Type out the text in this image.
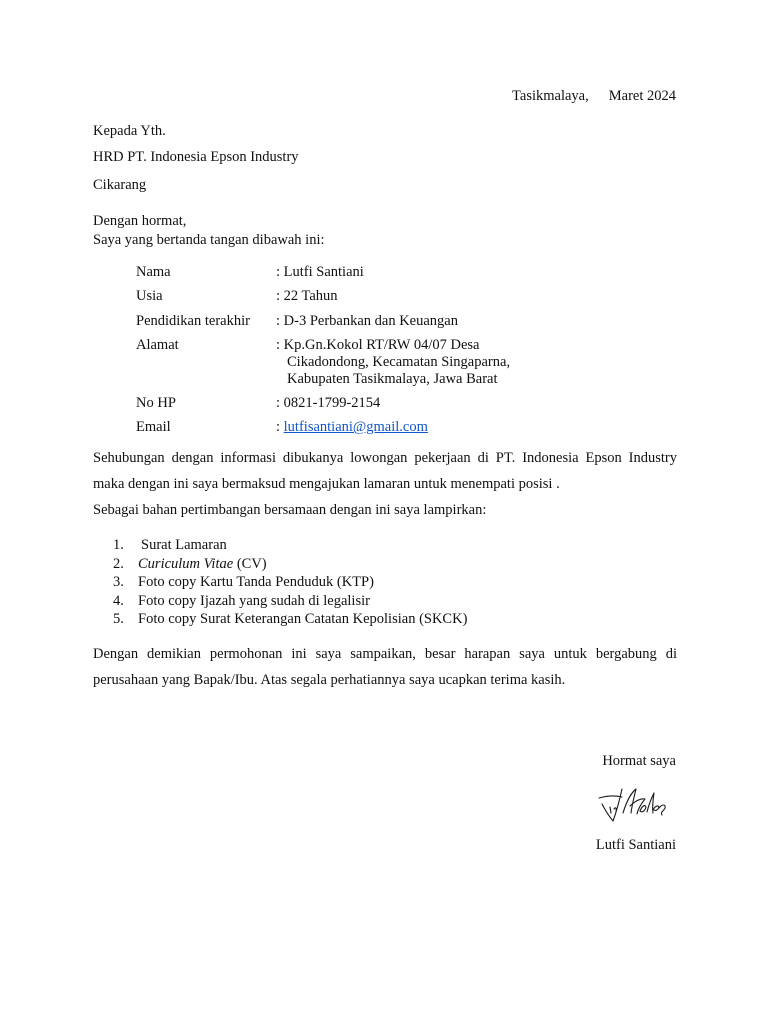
Tasikmalaya, Maret 2024
Kepada Yth.
HRD PT. Indonesia Epson Industry
Cikarang
Dengan hormat,
Saya yang bertanda tangan dibawah ini:
Nama	: Lutfi Santiani
Usia	: 22 Tahun
Pendidikan terakhir : D-3 Perbankan dan Keuangan
Alamat	: Kp.Gn.Kokol RT/RW 04/07 Desa
Cikadondong, Kecamatan Singaparna,
Kabupaten Tasikmalaya, Jawa Barat
No HP	: 0821-1799-2154
Email	: lutfisantiani@gmail.com
Sehubungan dengan informasi dibukanya lowongan pekerjaan di PT. Indonesia Epson Industry maka dengan ini saya bermaksud mengajukan lamaran untuk menempati posisi .
Sebagai bahan pertimbangan bersamaan dengan ini saya lampirkan:
1. Surat Lamaran
2. Curiculum Vitae (CV)
3. Foto copy Kartu Tanda Penduduk (KTP)
4. Foto copy Ijazah yang sudah di legalisir
5. Foto copy Surat Keterangan Catatan Kepolisian (SKCK)
Dengan demikian permohonan ini saya sampaikan, besar harapan saya untuk bergabung di perusahaan yang Bapak/Ibu. Atas segala perhatiannya saya ucapkan terima kasih.
Hormat saya
Lutfi Santiani
